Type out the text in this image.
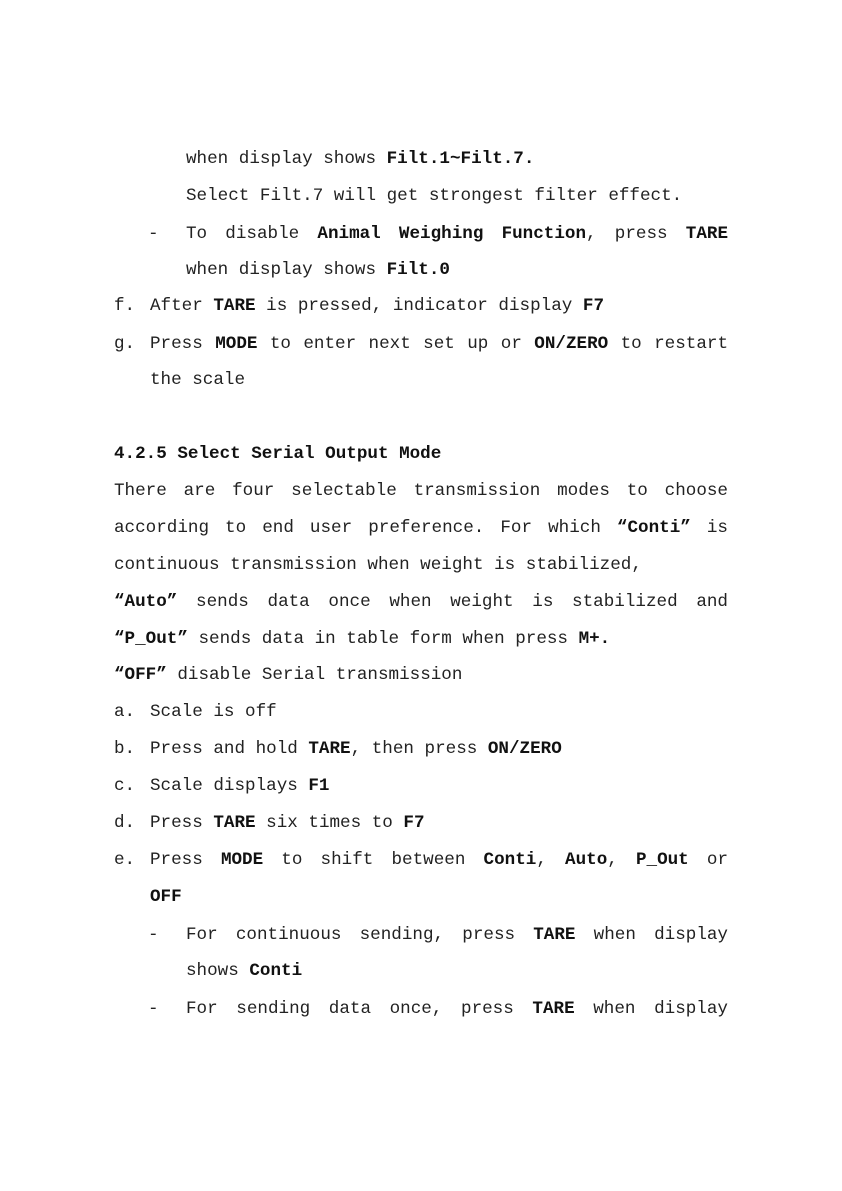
when display shows Filt.1~Filt.7.
Select Filt.7 will get strongest filter effect.
- To disable Animal Weighing Function, press TARE
when display shows Filt.0
f. After TARE is pressed, indicator display F7
g. Press MODE to enter next set up or ON/ZERO to restart
the scale
4.2.5 Select Serial Output Mode
There are four selectable transmission modes to choose
according to end user preference. For which “Conti” is
continuous transmission when weight is stabilized,
“Auto” sends data once when weight is stabilized and
“P_Out” sends data in table form when press M+.
“OFF” disable Serial transmission
a. Scale is off
b. Press and hold TARE, then press ON/ZERO
c. Scale displays F1
d. Press TARE six times to F7
e. Press MODE to shift between Conti, Auto, P_Out or
OFF
- For continuous sending, press TARE when display
shows Conti
- For sending data once, press TARE when display
